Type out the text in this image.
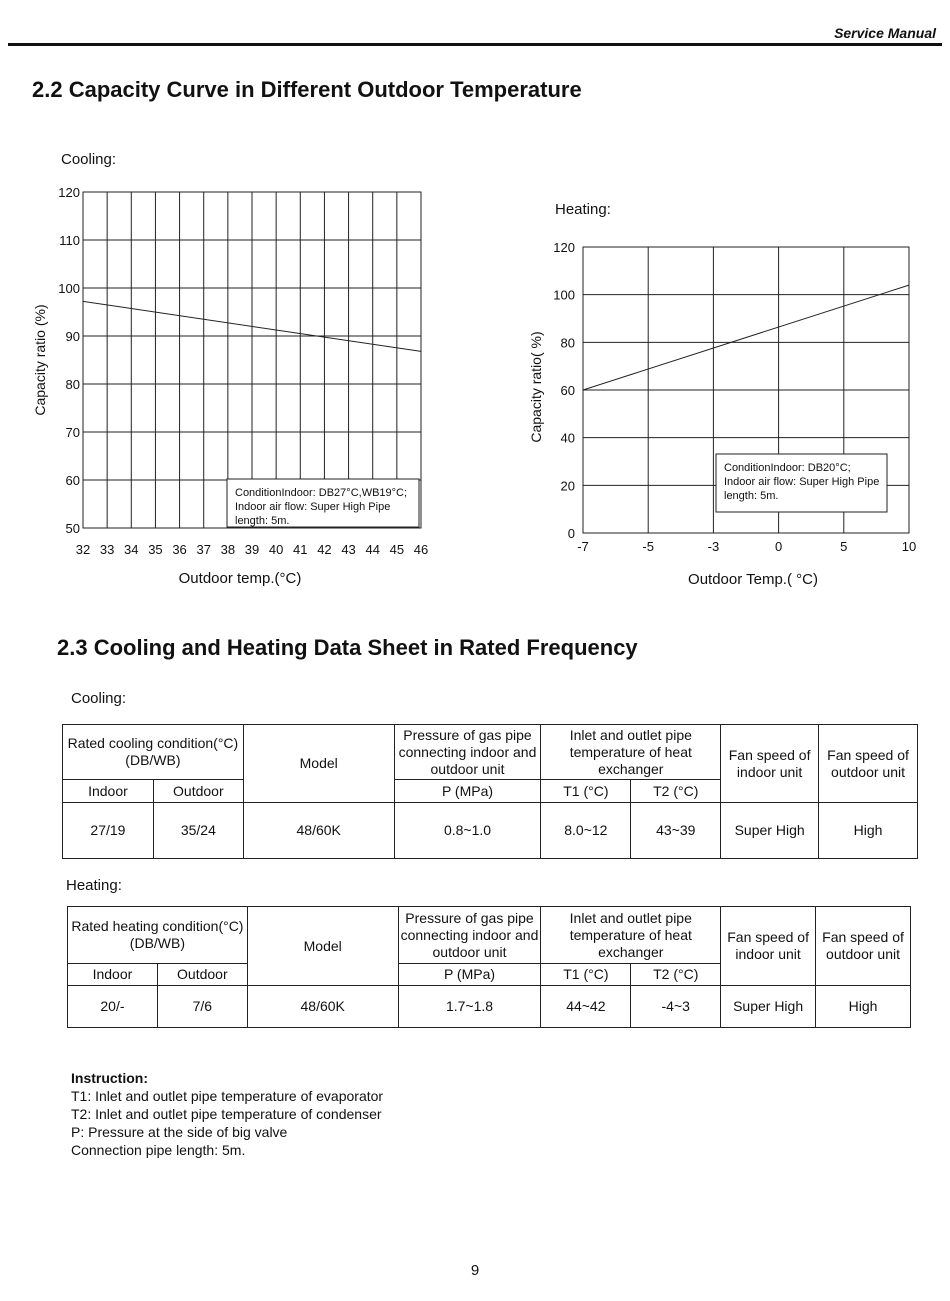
Service Manual
2.2 Capacity Curve in Different Outdoor Temperature
Cooling:
32 33 34 35 36 37 38 39 40 41 42 43 44 45 46
50
60
70
80
90
100
110
120
Outdoor temp.(°C)
Capacity ratio (%)
ConditionIndoor: DB27°C,WB19°C;
Indoor air flow: Super High Pipe
length: 5m.
Heating:
-7	-5	-3	0	5	10
0
20
40
60
80
100
120
Outdoor Temp.( °C)
Capacity ratio( %)
ConditionIndoor: DB20°C;
Indoor air flow: Super High Pipe
length: 5m.
2.3 Cooling and Heating Data Sheet in Rated Frequency
Cooling:
Rated cooling condition(°C)
(DB/WB)		Model	Pressure of gas pipe connecting indoor and outdoor unit	Inlet and outlet pipe temperature of heat exchanger		Fan speed of indoor unit	Fan speed of outdoor unit
Indoor	Outdoor		P (MPa)	T1 (°C)	T2 (°C)		
27/19	35/24	48/60K	0.8~1.0	8.0~12	43~39	Super High	High
Heating:
Rated heating condition(°C)
(DB/WB)		Model	Pressure of gas pipe connecting indoor and outdoor unit	Inlet and outlet pipe temperature of heat exchanger		Fan speed of indoor unit	Fan speed of outdoor unit
Indoor	Outdoor		P (MPa)	T1 (°C)	T2 (°C)		
20/-	7/6	48/60K	1.7~1.8	44~42	-4~3	Super High	High
Instruction:
T1: Inlet and outlet pipe temperature of evaporator
T2: Inlet and outlet pipe temperature of condenser
P: Pressure at the side of big valve
Connection pipe length: 5m.
9
